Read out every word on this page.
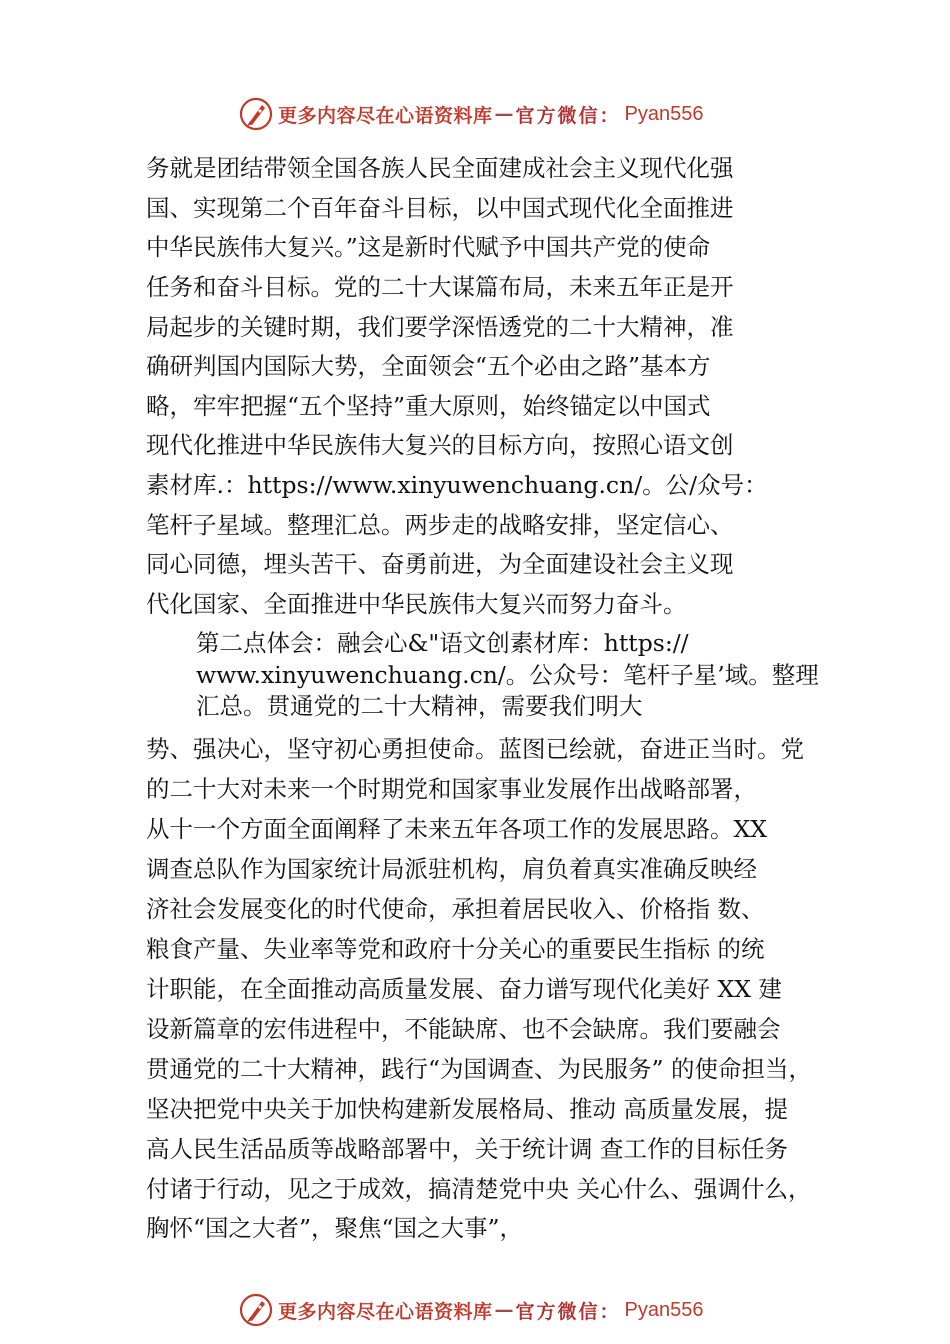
更多内容尽在心语资料库 — 官方微信： Pyan556
务就是团结带领全国各族人民全面建成社会主义现代化强
国、实现第二个百年奋斗目标，以中国式现代化全面推进
中华民族伟大复兴。”这是新时代赋予中国共产党的使命
任务和奋斗目标。党的二十大谋篇布局，未来五年正是开
局起步的关键时期，我们要学深悟透党的二十大精神，准
确研判国内国际大势，全面领会“五个必由之路”基本方
略，牢牢把握“五个坚持”重大原则，始终锚定以中国式
现代化推进中华民族伟大复兴的目标方向，按照心语文创
素材库.：https://www.xinyuwenchuang.cn/。公/众号：
笔杆子星域。整理汇总。两步走的战略安排，坚定信心、
同心同德，埋头苦干、奋勇前进，为全面建设社会主义现
代化国家、全面推进中华民族伟大复兴而努力奋斗。
第二点体会：融会心&"语文创素材库：https://
www.xinyuwenchuang.cn/。公众号：笔杆子星’域。整理
汇总。贯通党的二十大精神，需要我们明大
势、强决心，坚守初心勇担使命。蓝图已绘就，奋进正当时。党
的二十大对未来一个时期党和国家事业发展作出战略部署，
从十一个方面全面阐释了未来五年各项工作的发展思路。XX
调查总队作为国家统计局派驻机构，肩负着真实准确反映经
济社会发展变化的时代使命，承担着居民收入、价格指 数、
粮食产量、失业率等党和政府十分关心的重要民生指标 的统
计职能，在全面推动高质量发展、奋力谱写现代化美好 XX 建
设新篇章的宏伟进程中，不能缺席、也不会缺席。我们要融会
贯通党的二十大精神，践行“为国调查、为民服务” 的使命担当，
坚决把党中央关于加快构建新发展格局、推动 高质量发展，提
高人民生活品质等战略部署中，关于统计调 查工作的目标任务
付诸于行动，见之于成效，搞清楚党中央 关心什么、强调什么，
胸怀“国之大者”，聚焦“国之大事”，
更多内容尽在心语资料库 — 官方微信： Pyan556
